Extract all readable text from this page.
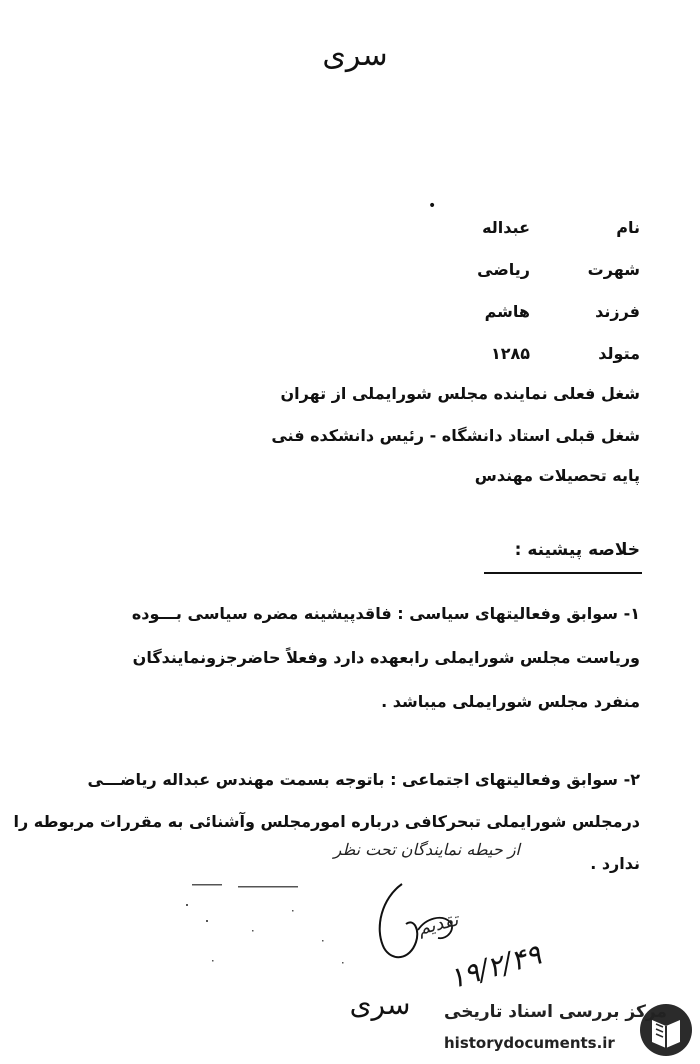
سری
•
نامعبداله
شهرتریاضی
فرزندهاشم
متولد۱۲۸۵
شغل فعلی نماینده مجلس شورایملی از تهران
شغل قبلی استاد دانشگاه - رئیس دانشکده فنی
پایه تحصیلات مهندس
خلاصه پیشینه :
۱- سوابق وفعالیتهای سیاسی : فاقدپیشینه مضره سیاسی بـــوده
وریاست مجلس شورایملی رابعهده دارد وفعلاً حاضرجزونمایندگان
منفرد مجلس شورایملی میباشد .
۲- سوابق وفعالیتهای اجتماعی : باتوجه بسمت مهندس عبداله ریاضـــی
درمجلس شورایملی تبحرکافی درباره امورمجلس وآشنائی به مقررات مربوطه را
ندارد .
از حیطه نمایندگان تحت نظر
تقدیم
۱۹/۲/۴۹
سری	مرکز بررسی اسناد تاریخی
historydocuments.ir
